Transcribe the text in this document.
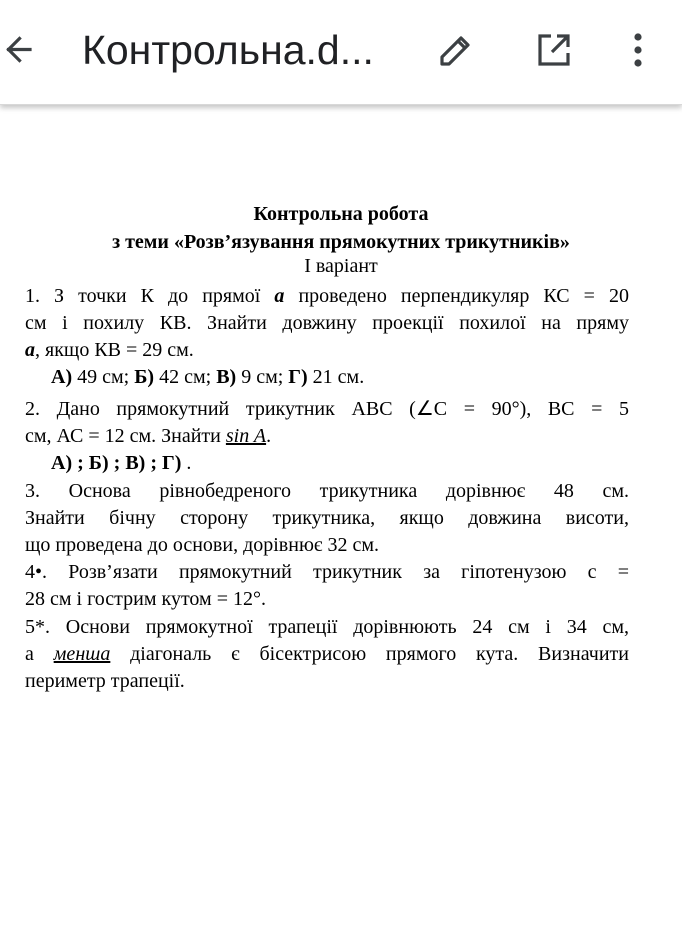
Контрольна.d...
Контрольна робота
з теми «Розв’язування прямокутних трикутників»
І варіант
1. З точки К до прямої а проведено перпендикуляр КС = 20
см і похилу КВ. Знайти довжину проекції похилої на пряму
а, якщо КВ = 29 см.
А) 49 см; Б) 42 см; В) 9 см; Г) 21 см.
2. Дано прямокутний трикутник АВС (∠С = 90°), ВС = 5
см, АС = 12 см. Знайти sin A.
А) ; Б) ; В) ; Г) .
3. Основа рівнобедреного трикутника дорівнює 48 см.
Знайти бічну сторону трикутника, якщо довжина висоти,
що проведена до основи, дорівнює 32 см.
4•. Розв’язати прямокутний трикутник за гіпотенузою с =
28 см і гострим кутом = 12°.
5*. Основи прямокутної трапеції дорівнюють 24 см і 34 см,
а менша діагональ є бісектрисою прямого кута. Визначити
периметр трапеції.
